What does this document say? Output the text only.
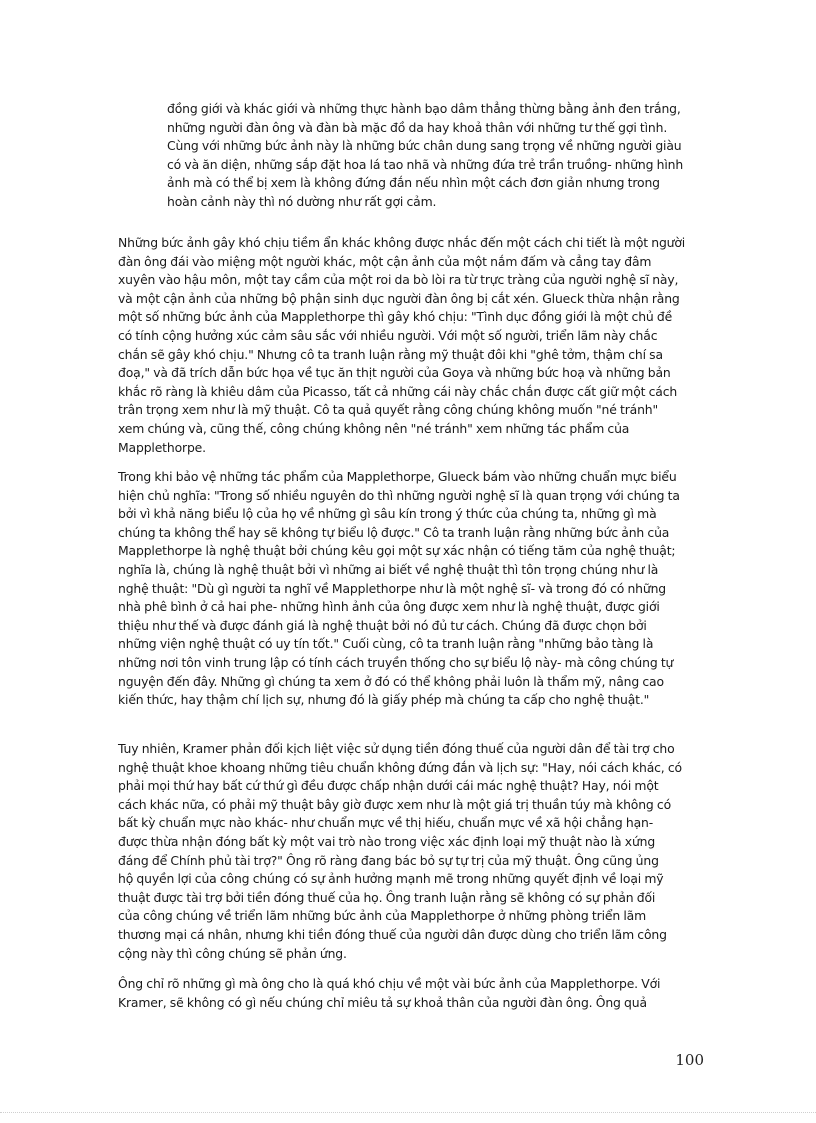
đồng giới và khác giới và những thực hành bạo dâm thẳng thừng bằng ảnh đen trắng,
những người đàn ông và đàn bà mặc đồ da hay khoả thân với những tư thế gợi tình.
Cùng với những bức ảnh này là những bức chân dung sang trọng về những người giàu
có và ăn diện, những sắp đặt hoa lá tao nhã và những đứa trẻ trần truồng- những hình
ảnh mà có thể bị xem là không đứng đắn nếu nhìn một cách đơn giản nhưng trong
hoàn cảnh này thì nó dường như rất gợi cảm.
Những bức ảnh gây khó chịu tiềm ẩn khác không được nhắc đến một cách chi tiết là một người
đàn ông đái vào miệng một người khác, một cận ảnh của một nắm đấm và cẳng tay đâm
xuyên vào hậu môn, một tay cầm của một roi da bò lòi ra từ trực tràng của người nghệ sĩ này,
và một cận ảnh của những bộ phận sinh dục người đàn ông bị cắt xén. Glueck thừa nhận rằng
một số những bức ảnh của Mapplethorpe thì gây khó chịu: "Tình dục đồng giới là một chủ đề
có tính cộng hưởng xúc cảm sâu sắc với nhiều người. Với một số người, triển lãm này chắc
chắn sẽ gây khó chịu." Nhưng cô ta tranh luận rằng mỹ thuật đôi khi "ghê tởm, thậm chí sa
đoạ," và đã trích dẫn bức họa về tục ăn thịt người của Goya và những bức hoạ và những bản
khắc rõ ràng là khiêu dâm của Picasso, tất cả những cái này chắc chắn được cất giữ một cách
trân trọng xem như là mỹ thuật. Cô ta quả quyết rằng công chúng không muốn "né tránh"
xem chúng và, cũng thế, công chúng không nên "né tránh" xem những tác phẩm của
Mapplethorpe.
Trong khi bảo vệ những tác phẩm của Mapplethorpe, Glueck bám vào những chuẩn mực biểu
hiện chủ nghĩa: "Trong số nhiều nguyên do thì những người nghệ sĩ là quan trọng với chúng ta
bởi vì khả năng biểu lộ của họ về những gì sâu kín trong ý thức của chúng ta, những gì mà
chúng ta không thể hay sẽ không tự biểu lộ được." Cô ta tranh luận rằng những bức ảnh của
Mapplethorpe là nghệ thuật bởi chúng kêu gọi một sự xác nhận có tiếng tăm của nghệ thuật;
nghĩa là, chúng là nghệ thuật bởi vì những ai biết về nghệ thuật thì tôn trọng chúng như là
nghệ thuật: "Dù gì người ta nghĩ về Mapplethorpe như là một nghệ sĩ- và trong đó có những
nhà phê bình ở cả hai phe- những hình ảnh của ông được xem như là nghệ thuật, được giới
thiệu như thế và được đánh giá là nghệ thuật bởi nó đủ tư cách. Chúng đã được chọn bởi
những viện nghệ thuật có uy tín tốt." Cuối cùng, cô ta tranh luận rằng "những bảo tàng là
những nơi tôn vinh trung lập có tính cách truyền thống cho sự biểu lộ này- mà công chúng tự
nguyện đến đây. Những gì chúng ta xem ở đó có thể không phải luôn là thẩm mỹ, nâng cao
kiến thức, hay thậm chí lịch sự, nhưng đó là giấy phép mà chúng ta cấp cho nghệ thuật."
Tuy nhiên, Kramer phản đối kịch liệt việc sử dụng tiền đóng thuế của người dân để tài trợ cho
nghệ thuật khoe khoang những tiêu chuẩn không đứng đắn và lịch sự: "Hay, nói cách khác, có
phải mọi thứ hay bất cứ thứ gì đều được chấp nhận dưới cái mác nghệ thuật? Hay, nói một
cách khác nữa, có phải mỹ thuật bây giờ được xem như là một giá trị thuần túy mà không có
bất kỳ chuẩn mực nào khác- như chuẩn mực về thị hiếu, chuẩn mực về xã hội chẳng hạn-
được thừa nhận đóng bất kỳ một vai trò nào trong việc xác định loại mỹ thuật nào là xứng
đáng để Chính phủ tài trợ?" Ông rõ ràng đang bác bỏ sự tự trị của mỹ thuật. Ông cũng ủng
hộ quyền lợi của công chúng có sự ảnh hưởng mạnh mẽ trong những quyết định về loại mỹ
thuật được tài trợ bởi tiền đóng thuế của họ. Ông tranh luận rằng sẽ không có sự phản đối
của công chúng về triển lãm những bức ảnh của Mapplethorpe ở những phòng triển lãm
thương mại cá nhân, nhưng khi tiền đóng thuế của người dân được dùng cho triển lãm công
cộng này thì công chúng sẽ phản ứng.
Ông chỉ rõ những gì mà ông cho là quá khó chịu về một vài bức ảnh của Mapplethorpe. Với
Kramer, sẽ không có gì nếu chúng chỉ miêu tả sự khoả thân của người đàn ông. Ông quả
100
